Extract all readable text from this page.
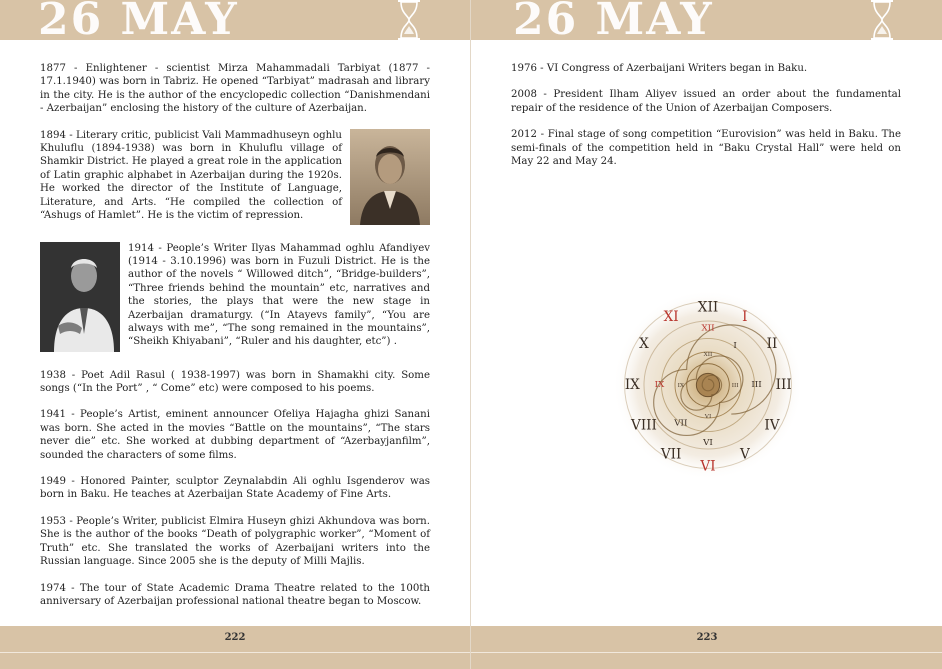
26 MAY

1877 - Enlightener - scientist Mirza Mahammadali Tarbiyat (1877 - 17.1.1940) was born in Tabriz. He opened “Tarbiyat” madrasah and library in the city. He is the author of the encyclopedic collection “Danishmendani - Azerbaijan” enclosing the history of the culture of Azerbaijan.

1894 - Literary critic, publicist Vali Mammadhuseyn oghlu Khuluflu (1894-1938) was born in Khuluflu village of Shamkir District. He played a great role in the application of Latin graphic alphabet in Azerbaijan during the 1920s. He worked the director of the Institute of Language, Literature, and Arts. “He compiled the collection of “Ashugs of Hamlet”. He is the victim of repression.
1914 - People’s Writer Ilyas Mahammad oghlu Afandiyev (1914 - 3.10.1996) was born in Fuzuli District. He is the author of the novels “ Willowed ditch”, “Bridge-builders”, “Three friends behind the mountain” etc, narratives and the stories, the plays that were the new stage in Azerbaijan dramaturgy. (“In Atayevs family”, “You are always with me”, “The song remained in the mountains”, “Sheikh Khiyabani”, “Ruler and his daughter, etc”) .

1938 - Poet Adil Rasul ( 1938-1997) was born in Shamakhi city. Some songs (“In the Port” , “ Come” etc) were composed to his poems.

1941 - People’s Artist, eminent announcer Ofeliya Hajagha ghizi Sanani was born. She acted in the movies “Battle on the mountains”, “The stars never die” etc. She worked at dubbing department of “Azerbayjanfilm”, sounded the characters of some films.

1949 - Honored Painter, sculptor Zeynalabdin Ali oghlu Isgenderov was born in Baku. He teaches at Azerbaijan State Academy of Fine Arts.

1953 - People’s Writer, publicist Elmira Huseyn ghizi Akhundova was born. She is the author of the books “Death of polygraphic worker”, “Moment of Truth” etc. She translated the works of Azerbaijani writers into the Russian language. Since 2005 she is the deputy of Milli Majlis.

1974 - The tour of State Academic Drama Theatre related to the 100th anniversary of Azerbaijan professional national theatre began to Moscow.

222
26 MAY

1976 - VI Congress of Azerbaijani Writers began in Baku.

2008 - President Ilham Aliyev issued an order about the fundamental repair of the residence of the Union of Azerbaijan Composers.

2012 - Final stage of song competition “Eurovision” was held in Baku. The semi-finals of the competition held in “Baku Crystal Hall” were held on May 22 and May 24.

XII
I
II
III
IV
V
VI
VII
VIII
IX
X
XI
XII
III
VI
IX
I
VII
XII
III
VI
IX
223
